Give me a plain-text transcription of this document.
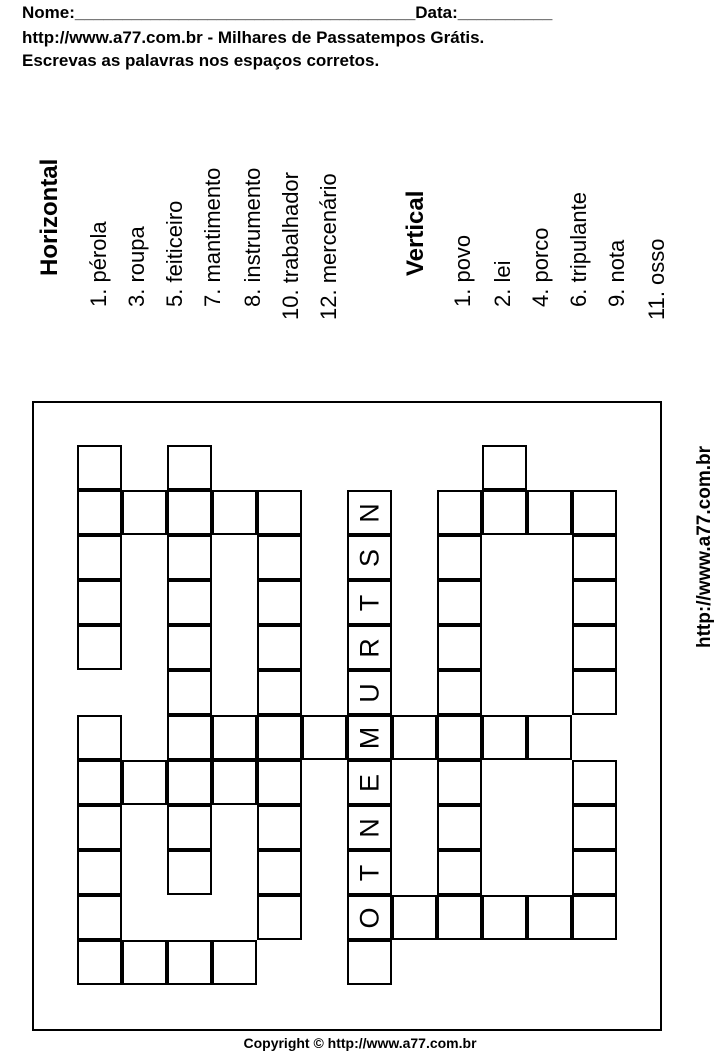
Nome:____________________________________Data:__________
http://www.a77.com.br - Milhares de Passatempos Grátis.
Escrevas as palavras nos espaços corretos.
Horizontal 1. pérola 3. roupa 5. feiticeiro 7. mantimento 8. instrumento 10. trabalhador 12. mercenário	Vertical 1. povo 2. lei 4. porco 6. tripulante 9. nota 11. osso
http://www.a77.com.br
N
S
T
R
U
M
E
N
T
O
Copyright © http://www.a77.com.br
